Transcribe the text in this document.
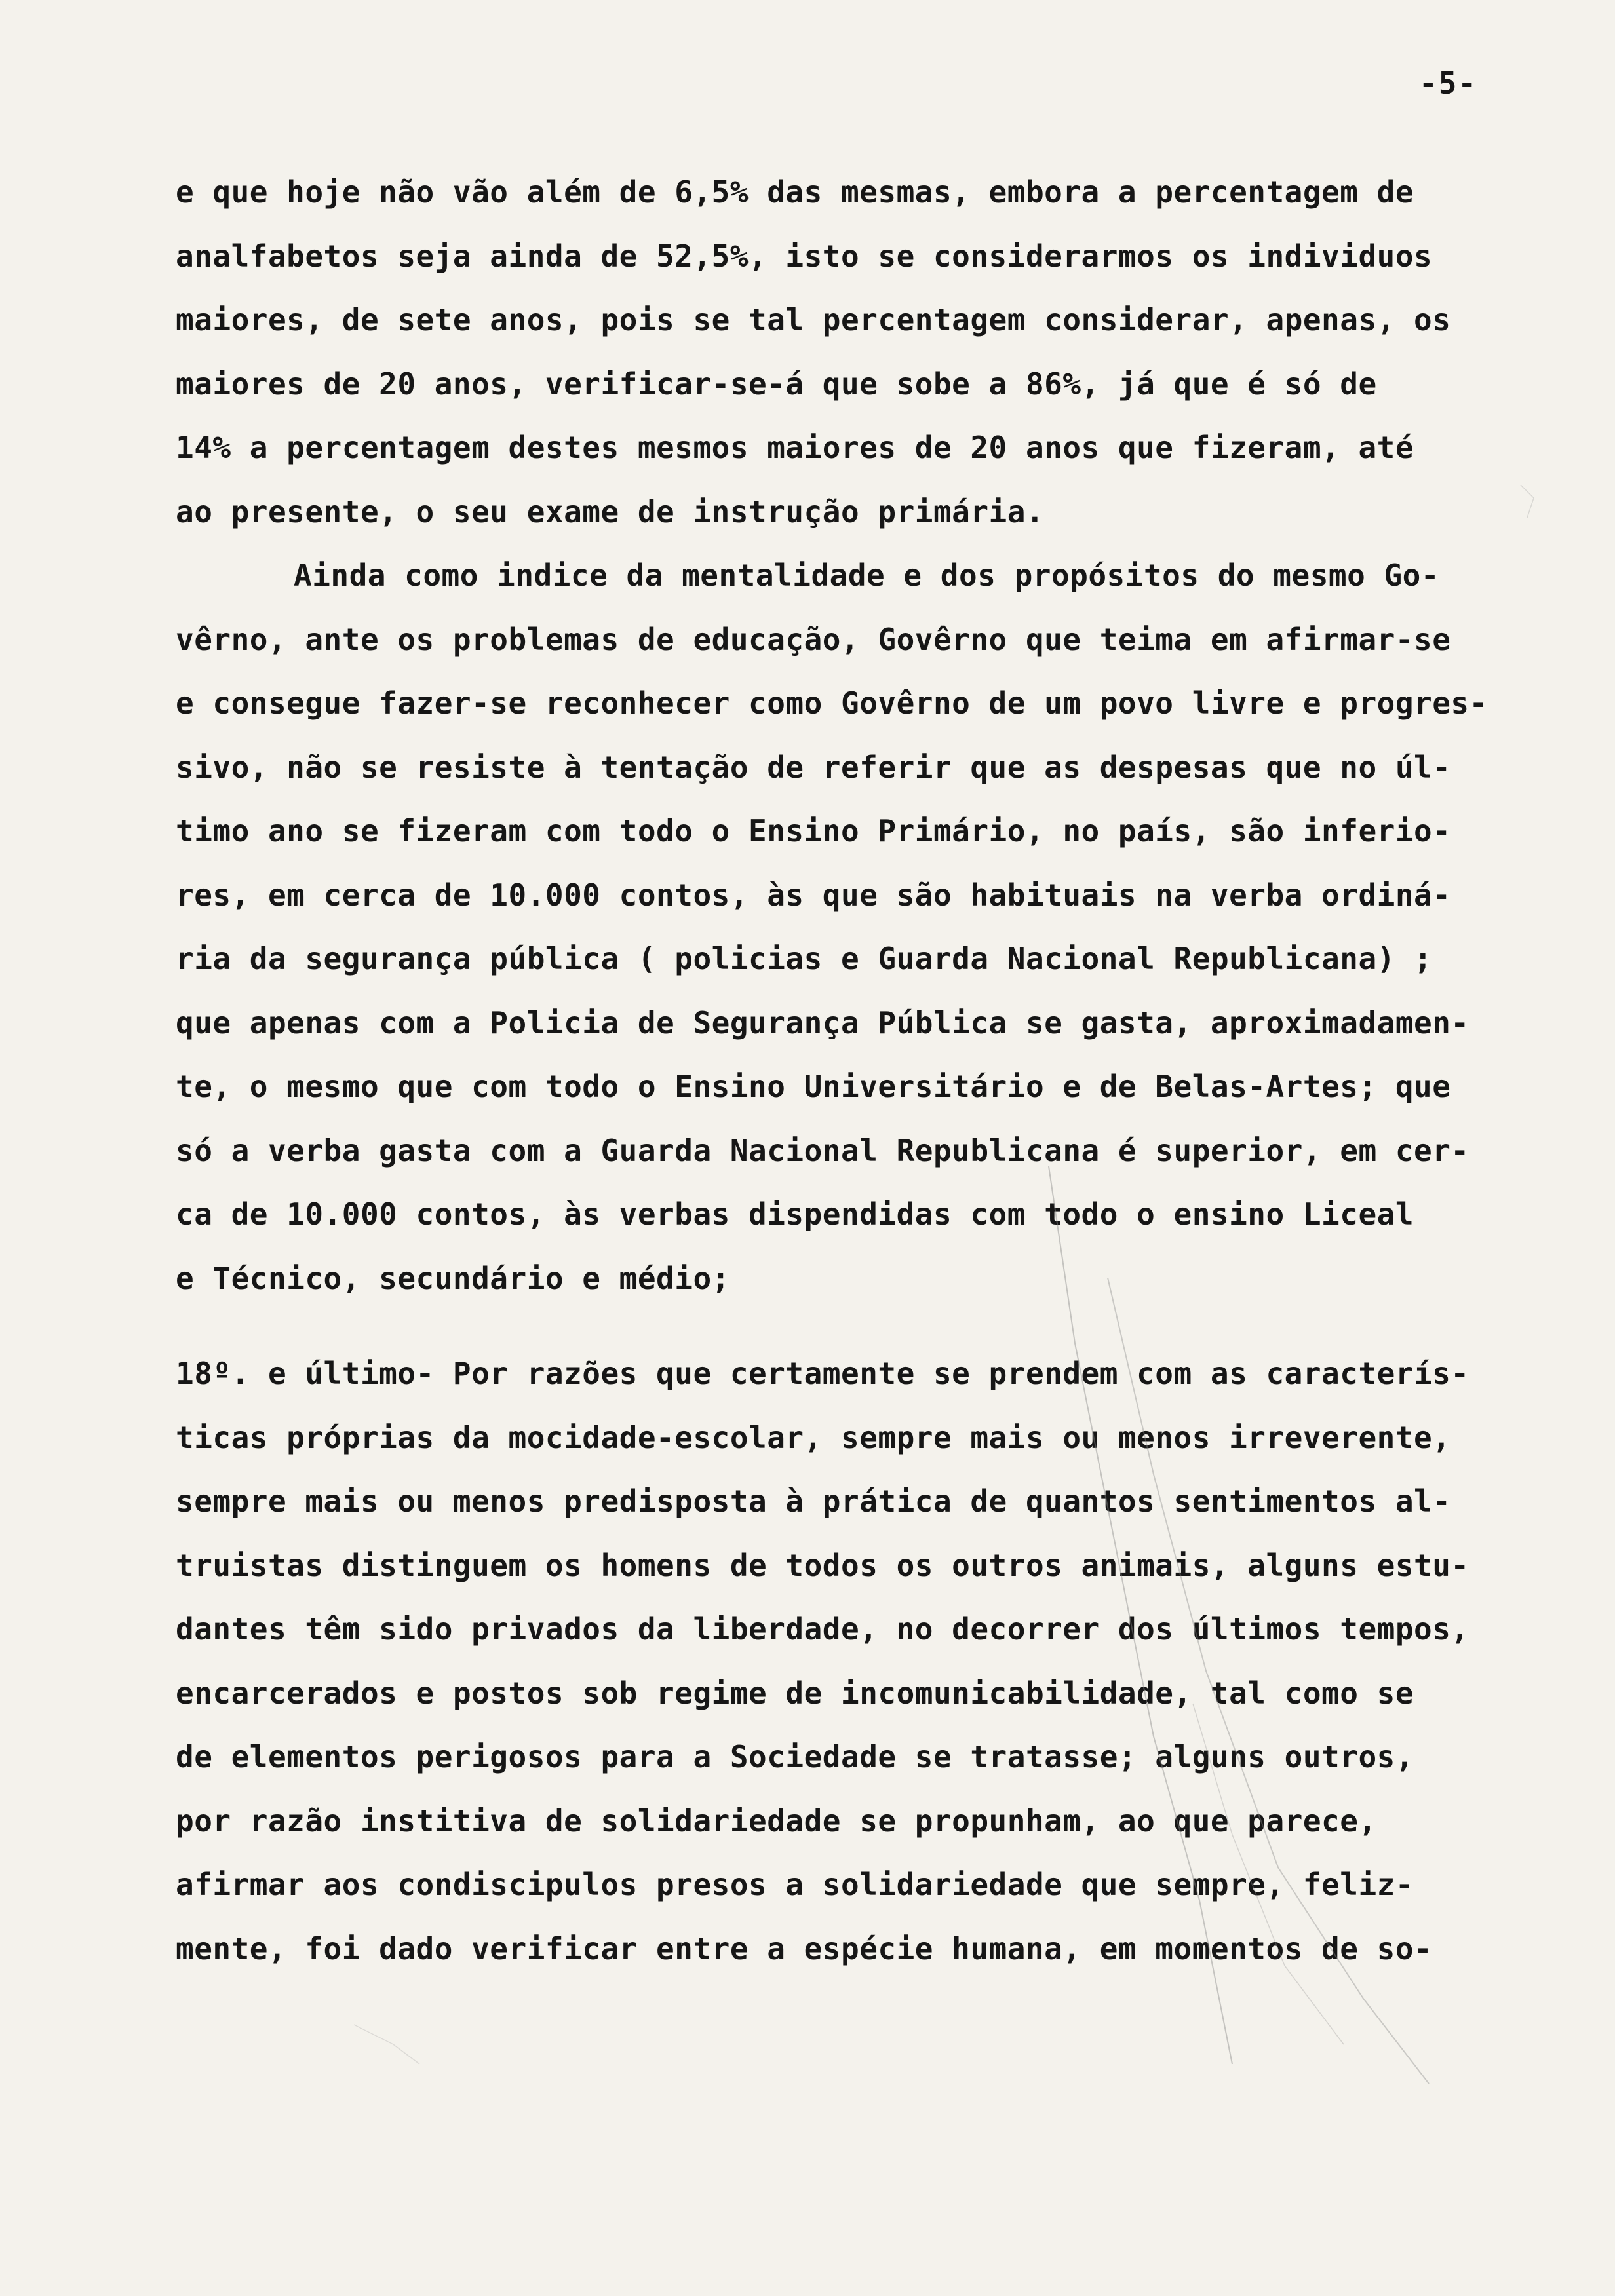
-5-
e que hoje não vão além de 6,5% das mesmas, embora a percentagem de
analfabetos seja ainda de 52,5%, isto se considerarmos os individuos
maiores, de sete anos, pois se tal percentagem considerar, apenas, os
maiores de 20 anos, verificar-se-á que sobe a 86%, já que é só de
14% a percentagem destes mesmos maiores de 20 anos que fizeram, até
ao presente, o seu exame de instrução primária.
Ainda como indice da mentalidade e dos propósitos do mesmo Go-
vêrno, ante os problemas de educação, Govêrno que teima em afirmar-se
e consegue fazer-se reconhecer como Govêrno de um povo livre e progres-
sivo, não se resiste à tentação de referir que as despesas que no úl-
timo ano se fizeram com todo o Ensino Primário, no país, são inferio-
res, em cerca de 10.000 contos, às que são habituais na verba ordiná-
ria da segurança pública ( policias e Guarda Nacional Republicana) ;
que apenas com a Policia de Segurança Pública se gasta, aproximadamen-
te, o mesmo que com todo o Ensino Universitário e de Belas-Artes; que
só a verba gasta com a Guarda Nacional Republicana é superior, em cer-
ca de 10.000 contos, às verbas dispendidas com todo o ensino Liceal
e Técnico, secundário e médio;
18º. e último- Por razões que certamente se prendem com as caracterís-
ticas próprias da mocidade-escolar, sempre mais ou menos irreverente,
sempre mais ou menos predisposta à prática de quantos sentimentos al-
truistas distinguem os homens de todos os outros animais, alguns estu-
dantes têm sido privados da liberdade, no decorrer dos últimos tempos,
encarcerados e postos sob regime de incomunicabilidade, tal como se
de elementos perigosos para a Sociedade se tratasse; alguns outros,
por razão institiva de solidariedade se propunham, ao que parece,
afirmar aos condiscipulos presos a solidariedade que sempre, feliz-
mente, foi dado verificar entre a espécie humana, em momentos de so-
